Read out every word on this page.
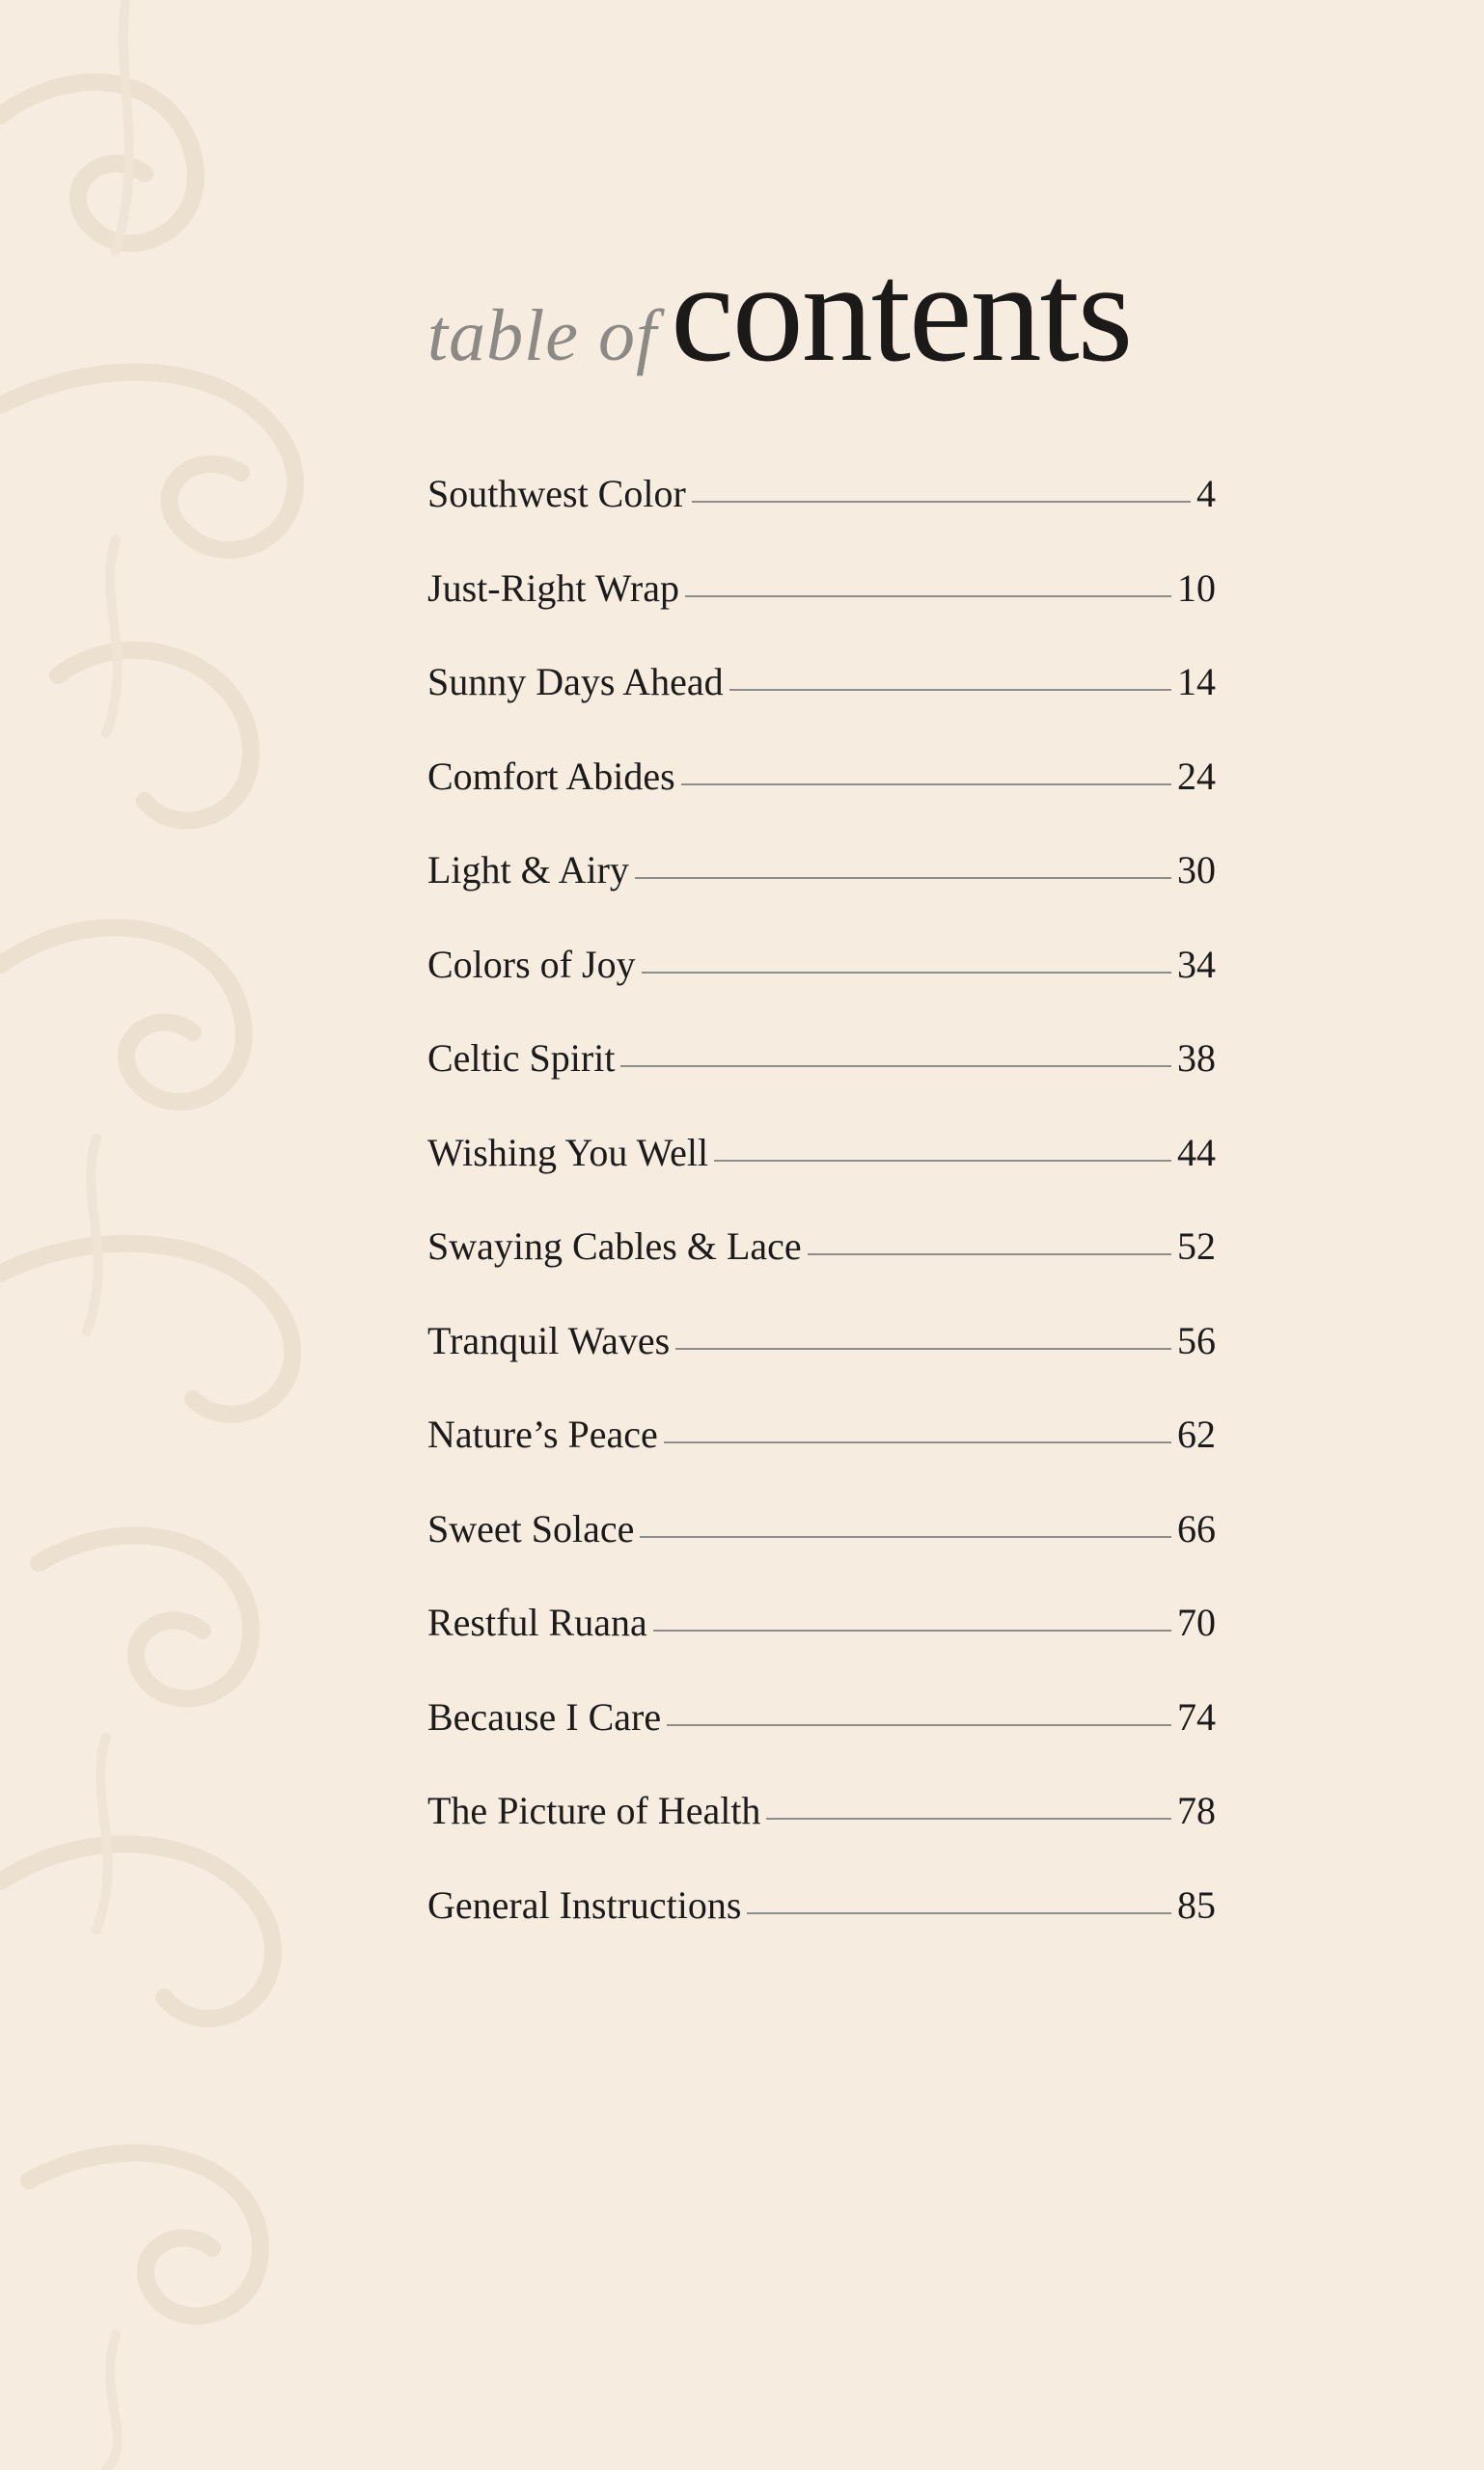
table ofcontents
Southwest Color	4
Just-Right Wrap	10
Sunny Days Ahead	14
Comfort Abides	24
Light & Airy	30
Colors of Joy	34
Celtic Spirit	38
Wishing You Well	44
Swaying Cables & Lace	52
Tranquil Waves	56
Nature’s Peace	62
Sweet Solace	66
Restful Ruana	70
Because I Care	74
The Picture of Health	78
General Instructions	85
